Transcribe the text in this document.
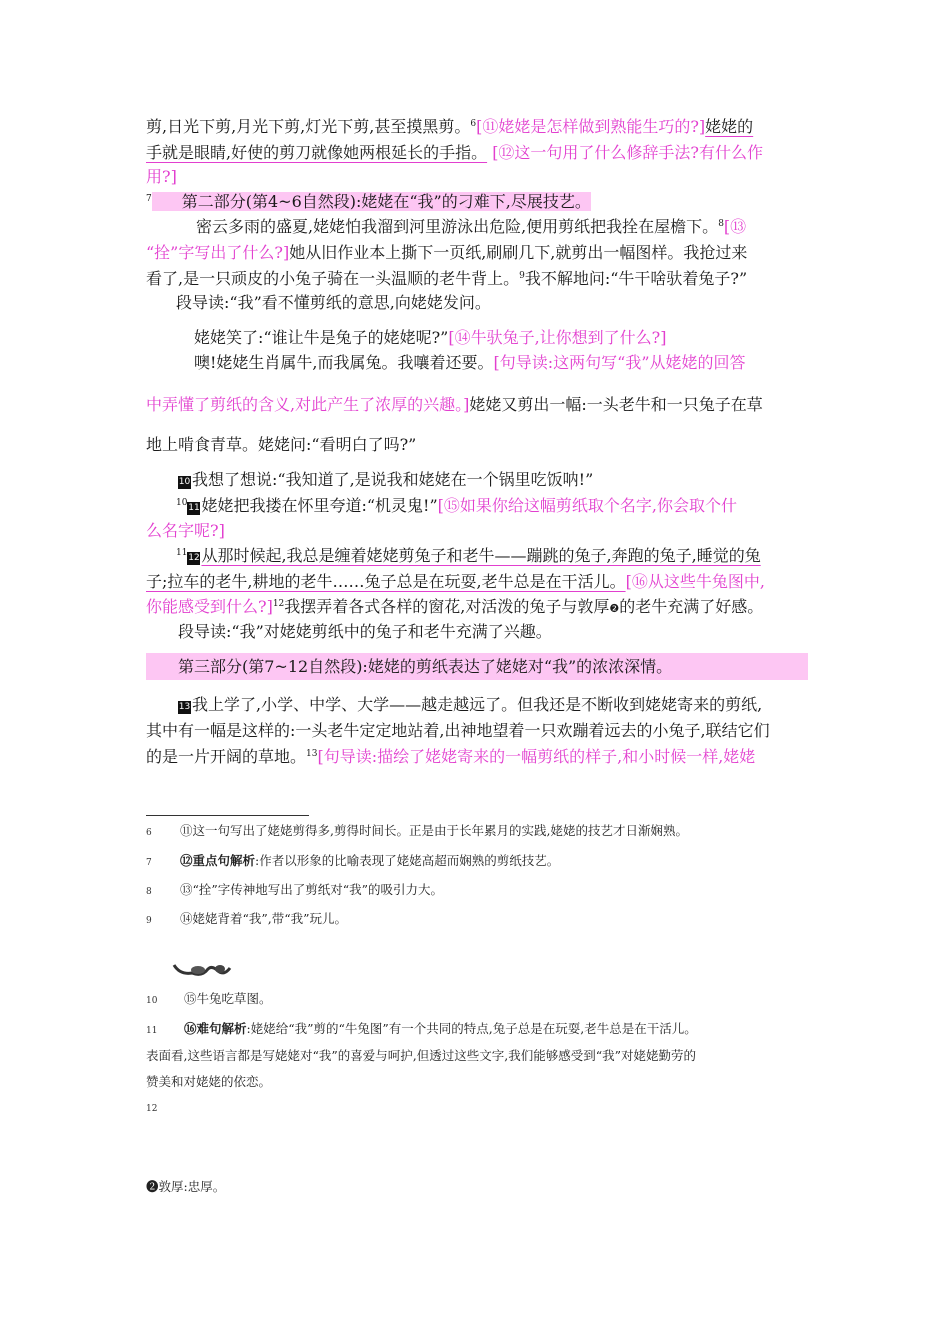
剪,日光下剪,月光下剪,灯光下剪,甚至摸黑剪。$^6$[⑪姥姥是怎样做到熟能生巧的?]姥姥的
手就是眼睛,好使的剪刀就像她两根延长的手指。 [⑫这一句用了什么修辞手法?有什么作
用?]
$^7$ 第二部分(第4~6自然段):姥姥在“我”的刁难下,尽展技艺。
密云多雨的盛夏,姥姥怕我溜到河里游泳出危险,便用剪纸把我拴在屋檐下。$^8$[⑬
“拴”字写出了什么?]她从旧作业本上撕下一页纸,刷刷几下,就剪出一幅图样。我抢过来
看了,是一只顽皮的小兔子骑在一头温顺的老牛背上。$^9$我不解地问:“牛干啥驮着兔子?”
段导读:“我”看不懂剪纸的意思,向姥姥发问。
姥姥笑了:“谁让牛是兔子的姥姥呢?”[⑭牛驮兔子,让你想到了什么?]
噢!姥姥生肖属牛,而我属兔。我嚷着还要。[句导读:这两句写“我”从姥姥的回答
中弄懂了剪纸的含义,对此产生了浓厚的兴趣。]姥姥又剪出一幅:一头老牛和一只兔子在草
地上啃食青草。姥姥问:“看明白了吗?”
10 我想了想说:“我知道了,是说我和姥姥在一个锅里吃饭呐!”
$^{10}$11 姥姥把我搂在怀里夸道:“机灵鬼!”[⑮如果你给这幅剪纸取个名字,你会取个什
么名字呢?]
$^{11}$12 从那时候起,我总是缠着姥姥剪兔子和老牛——蹦跳的兔子,奔跑的兔子,睡觉的兔
子;拉车的老牛,耕地的老牛……兔子总是在玩耍,老牛总是在干活儿。[⑯从这些牛兔图中,
你能感受到什么?]$^{12}$我摆弄着各式各样的窗花,对活泼的兔子与敦厚❷的老牛充满了好感。
段导读:“我”对姥姥剪纸中的兔子和老牛充满了兴趣。
第三部分(第7~12自然段):姥姥的剪纸表达了姥姥对“我”的浓浓深情。
13 我上学了,小学、中学、大学——越走越远了。但我还是不断收到姥姥寄来的剪纸,
其中有一幅是这样的:一头老牛定定地站着,出神地望着一只欢蹦着远去的小兔子,联结它们
的是一片开阔的草地。$^{13}$[句导读:描绘了姥姥寄来的一幅剪纸的样子,和小时候一样,姥姥
6 ⑪这一句写出了姥姥剪得多,剪得时间长。正是由于长年累月的实践,姥姥的技艺才日渐娴熟。
7 ⑫重点句解析:作者以形象的比喻表现了姥姥高超而娴熟的剪纸技艺。
8 ⑬“拴”字传神地写出了剪纸对“我”的吸引力大。
9 ⑭姥姥背着“我”,带“我”玩儿。
10 ⑮牛兔吃草图。
11 ⑯难句解析:姥姥给“我”剪的“牛兔图”有一个共同的特点,兔子总是在玩耍,老牛总是在干活儿。
表面看,这些语言都是写姥姥对“我”的喜爱与呵护,但透过这些文字,我们能够感受到“我”对姥姥勤劳的
赞美和对姥姥的依恋。
12
❷敦厚:忠厚。
